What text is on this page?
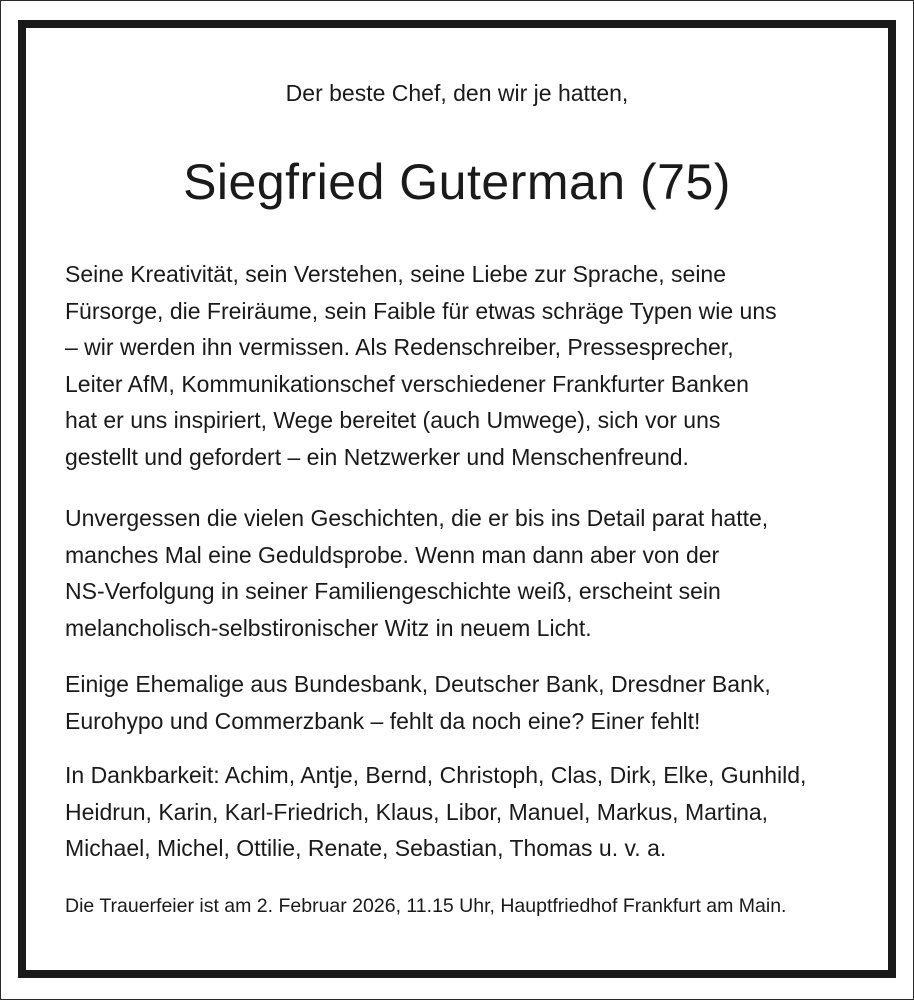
Der beste Chef, den wir je hatten,
Siegfried Guterman (75)
Seine Kreativität, sein Verstehen, seine Liebe zur Sprache, seine
Fürsorge, die Freiräume, sein Faible für etwas schräge Typen wie uns
– wir werden ihn vermissen. Als Redenschreiber, Pressesprecher,
Leiter AfM, Kommunikationschef verschiedener Frankfurter Banken
hat er uns inspiriert, Wege bereitet (auch Umwege), sich vor uns
gestellt und gefordert – ein Netzwerker und Menschenfreund.
Unvergessen die vielen Geschichten, die er bis ins Detail parat hatte,
manches Mal eine Geduldsprobe. Wenn man dann aber von der
NS-Verfolgung in seiner Familiengeschichte weiß, erscheint sein
melancholisch-selbstironischer Witz in neuem Licht.
Einige Ehemalige aus Bundesbank, Deutscher Bank, Dresdner Bank,
Eurohypo und Commerzbank – fehlt da noch eine? Einer fehlt!
In Dankbarkeit: Achim, Antje, Bernd, Christoph, Clas, Dirk, Elke, Gunhild,
Heidrun, Karin, Karl-Friedrich, Klaus, Libor, Manuel, Markus, Martina,
Michael, Michel, Ottilie, Renate, Sebastian, Thomas u. v. a.
Die Trauerfeier ist am 2. Februar 2026, 11.15 Uhr, Hauptfriedhof Frankfurt am Main.
